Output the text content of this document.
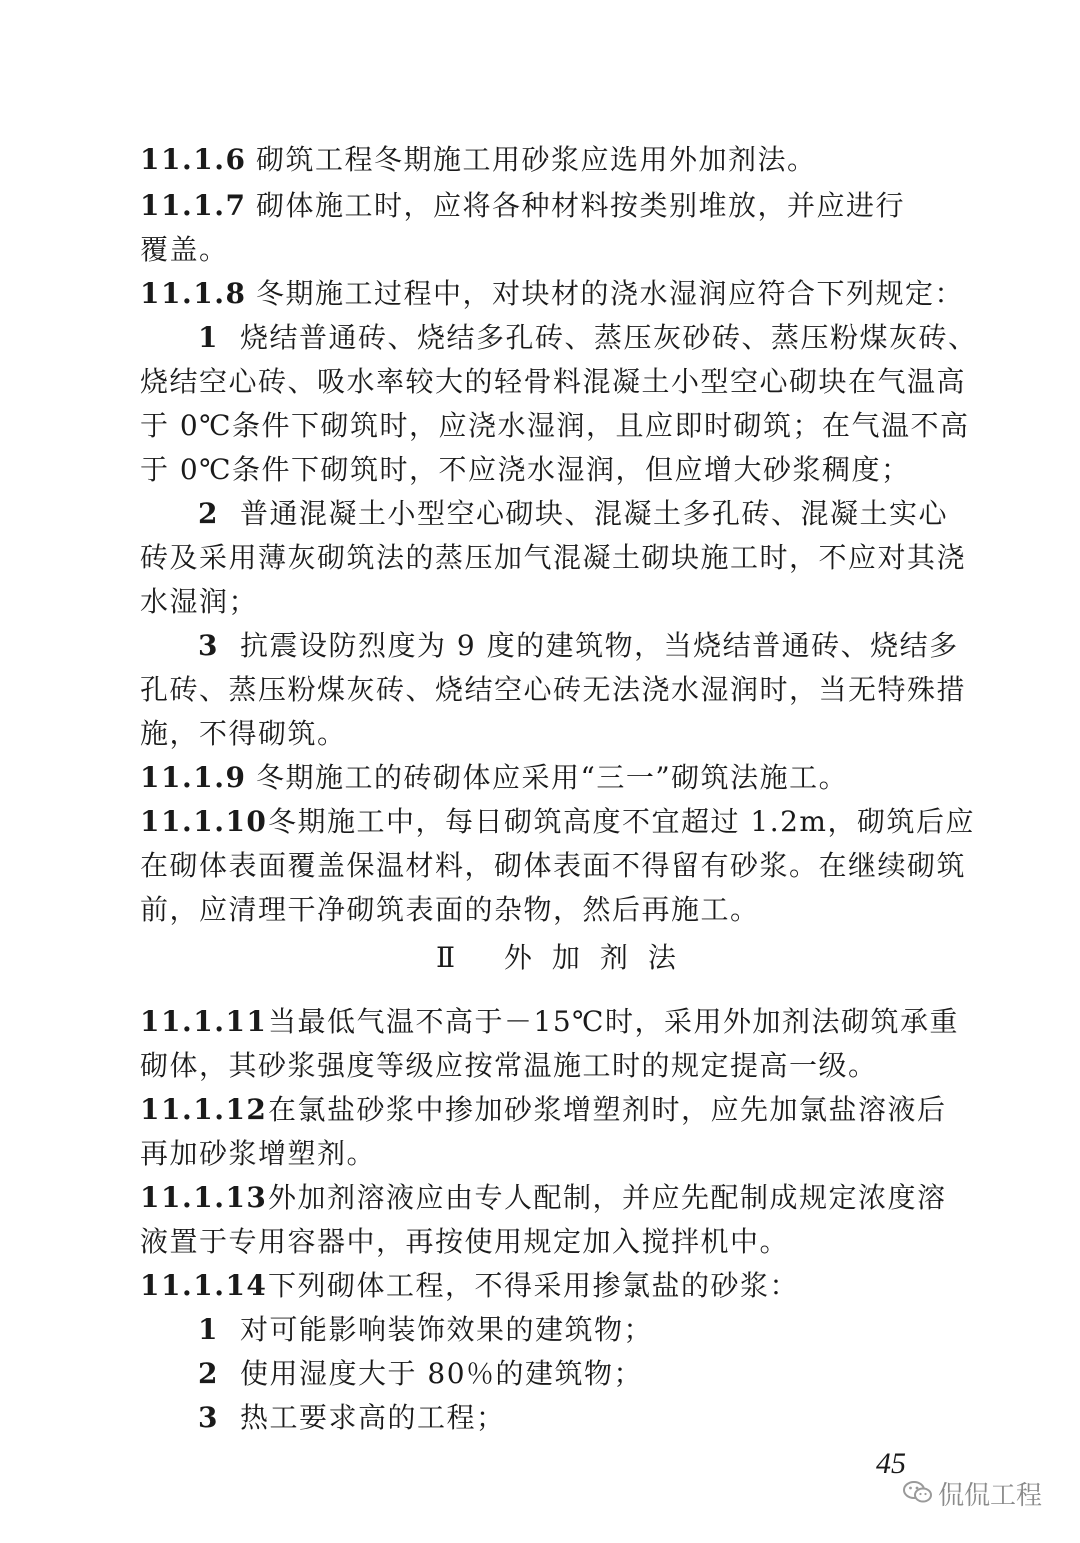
11.1.6 砌筑工程冬期施工用砂浆应选用外加剂法。
11.1.7 砌体施工时，应将各种材料按类别堆放，并应进行
覆盖。
11.1.8 冬期施工过程中，对块材的浇水湿润应符合下列规定：
1 烧结普通砖、烧结多孔砖、蒸压灰砂砖、蒸压粉煤灰砖、
烧结空心砖、吸水率较大的轻骨料混凝土小型空心砌块在气温高
于 0℃条件下砌筑时，应浇水湿润，且应即时砌筑；在气温不高
于 0℃条件下砌筑时，不应浇水湿润，但应增大砂浆稠度；
2 普通混凝土小型空心砌块、混凝土多孔砖、混凝土实心
砖及采用薄灰砌筑法的蒸压加气混凝土砌块施工时，不应对其浇
水湿润；
3 抗震设防烈度为 9 度的建筑物，当烧结普通砖、烧结多
孔砖、蒸压粉煤灰砖、烧结空心砖无法浇水湿润时，当无特殊措
施，不得砌筑。
11.1.9 冬期施工的砖砌体应采用“三一”砌筑法施工。
11.1.10 冬期施工中，每日砌筑高度不宜超过 1.2m，砌筑后应
在砌体表面覆盖保温材料，砌体表面不得留有砂浆。在继续砌筑
前，应清理干净砌筑表面的杂物，然后再施工。
Ⅱ 外加剂法
11.1.11 当最低气温不高于－15℃时，采用外加剂法砌筑承重
砌体，其砂浆强度等级应按常温施工时的规定提高一级。
11.1.12 在氯盐砂浆中掺加砂浆增塑剂时，应先加氯盐溶液后
再加砂浆增塑剂。
11.1.13 外加剂溶液应由专人配制，并应先配制成规定浓度溶
液置于专用容器中，再按使用规定加入搅拌机中。
11.1.14 下列砌体工程，不得采用掺氯盐的砂浆：
1 对可能影响装饰效果的建筑物；
2 使用湿度大于 80％的建筑物；
3 热工要求高的工程；
45
侃侃工程
